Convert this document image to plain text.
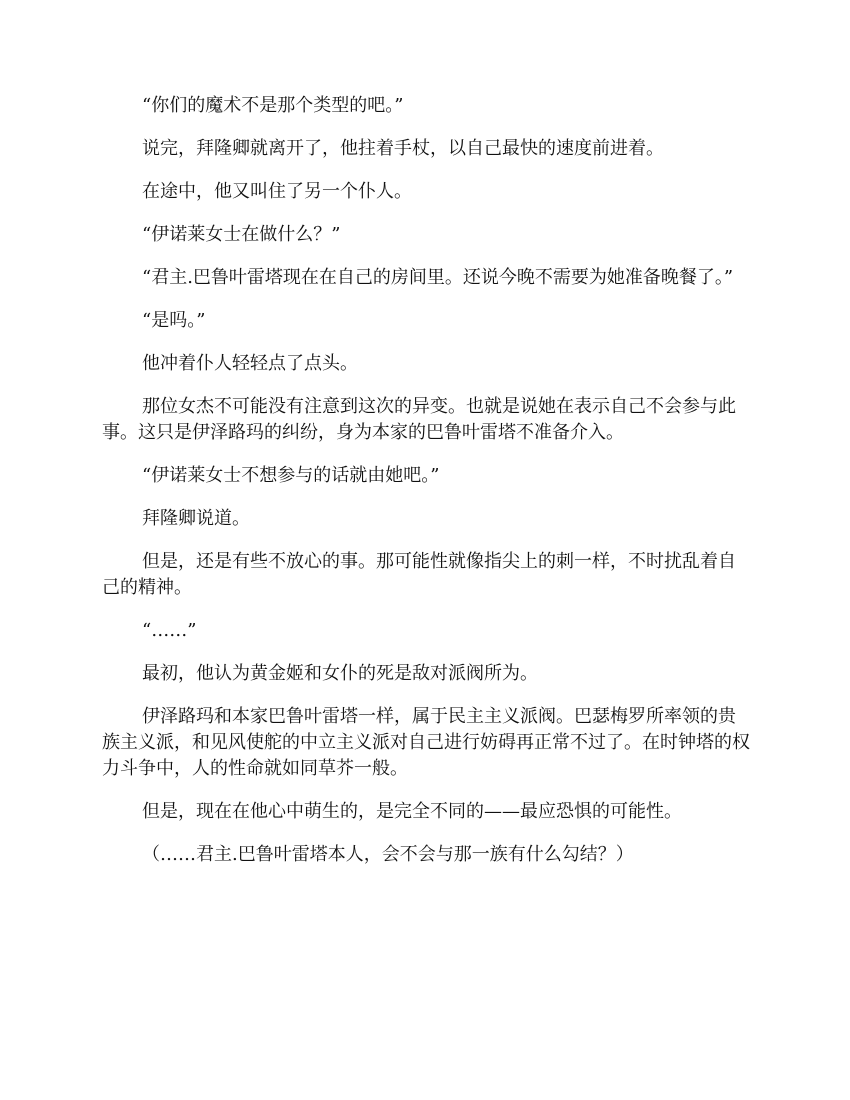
“你们的魔术不是那个类型的吧。”

说完，拜隆卿就离开了，他拄着手杖，以自己最快的速度前进着。

在途中，他又叫住了另一个仆人。

“伊诺莱女士在做什么？”

“君主.巴鲁叶雷塔现在在自己的房间里。还说今晚不需要为她准备晚餐了。”

“是吗。”

他冲着仆人轻轻点了点头。

那位女杰不可能没有注意到这次的异变。也就是说她在表示自己不会参与此事。这只是伊泽路玛的纠纷，身为本家的巴鲁叶雷塔不准备介入。

“伊诺莱女士不想参与的话就由她吧。”

拜隆卿说道。

但是，还是有些不放心的事。那可能性就像指尖上的刺一样，不时扰乱着自己的精神。

“……”

最初，他认为黄金姬和女仆的死是敌对派阀所为。

伊泽路玛和本家巴鲁叶雷塔一样，属于民主主义派阀。巴瑟梅罗所率领的贵族主义派，和见风使舵的中立主义派对自己进行妨碍再正常不过了。在时钟塔的权力斗争中，人的性命就如同草芥一般。

但是，现在在他心中萌生的，是完全不同的——最应恐惧的可能性。

（……君主.巴鲁叶雷塔本人，会不会与那一族有什么勾结？）
